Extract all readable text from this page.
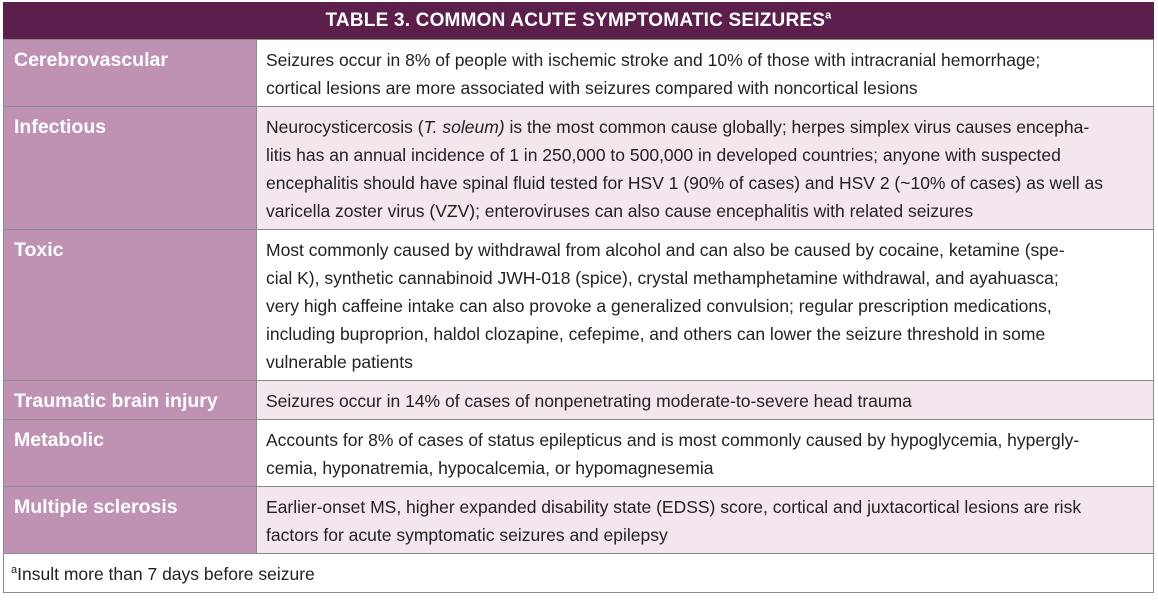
TABLE 3. COMMON ACUTE SYMPTOMATIC SEIZURES$^a$
Cerebrovascular	Seizures occur in 8% of people with ischemic stroke and 10% of those with intracranial hemorrhage;
cortical lesions are more associated with seizures compared with noncortical lesions
Infectious	Neurocysticercosis (T. soleum) is the most common cause globally; herpes simplex virus causes encepha-
litis has an annual incidence of 1 in 250,000 to 500,000 in developed countries; anyone with suspected
encephalitis should have spinal fluid tested for HSV 1 (90% of cases) and HSV 2 (~10% of cases) as well as
varicella zoster virus (VZV); enteroviruses can also cause encephalitis with related seizures
Toxic	Most commonly caused by withdrawal from alcohol and can also be caused by cocaine, ketamine (spe-
cial K), synthetic cannabinoid JWH-018 (spice), crystal methamphetamine withdrawal, and ayahuasca;
very high caffeine intake can also provoke a generalized convulsion; regular prescription medications,
including buproprion, haldol clozapine, cefepime, and others can lower the seizure threshold in some
vulnerable patients
Traumatic brain injury	Seizures occur in 14% of cases of nonpenetrating moderate-to-severe head trauma
Metabolic	Accounts for 8% of cases of status epilepticus and is most commonly caused by hypoglycemia, hypergly-
cemia, hyponatremia, hypocalcemia, or hypomagnesemia
Multiple sclerosis	Earlier-onset MS, higher expanded disability state (EDSS) score, cortical and juxtacortical lesions are risk
factors for acute symptomatic seizures and epilepsy
$^a$Insult more than 7 days before seizure
